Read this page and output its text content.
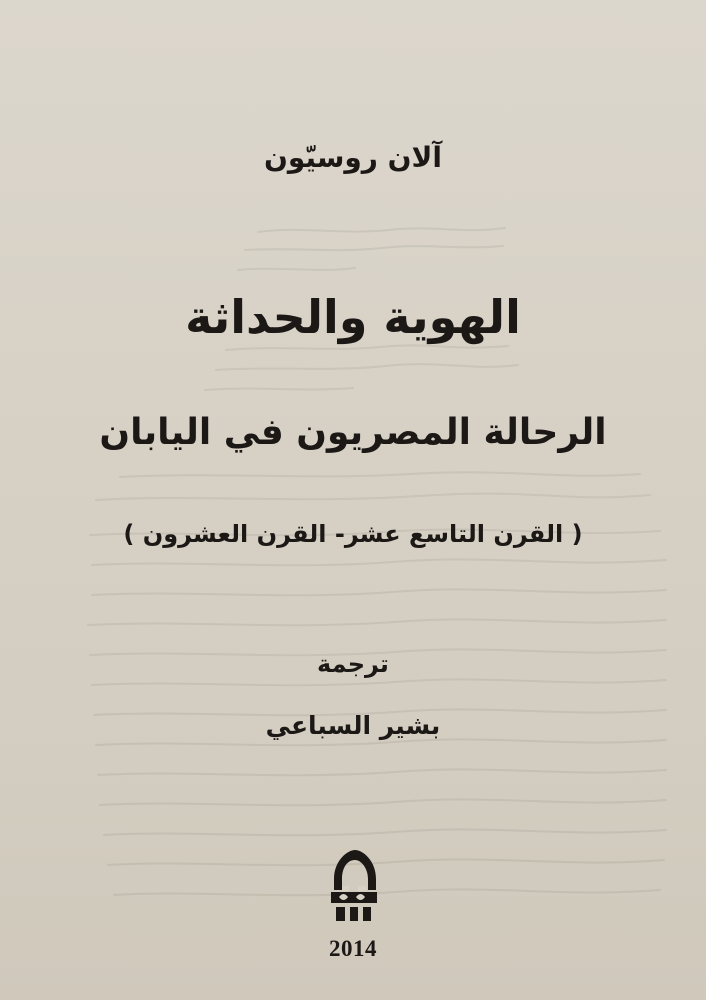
آلان روسيّون
الهوية والحداثة
الرحالة المصريون في اليابان
( القرن التاسع عشر- القرن العشرون )
ترجمة
بشير السباعي
2014
